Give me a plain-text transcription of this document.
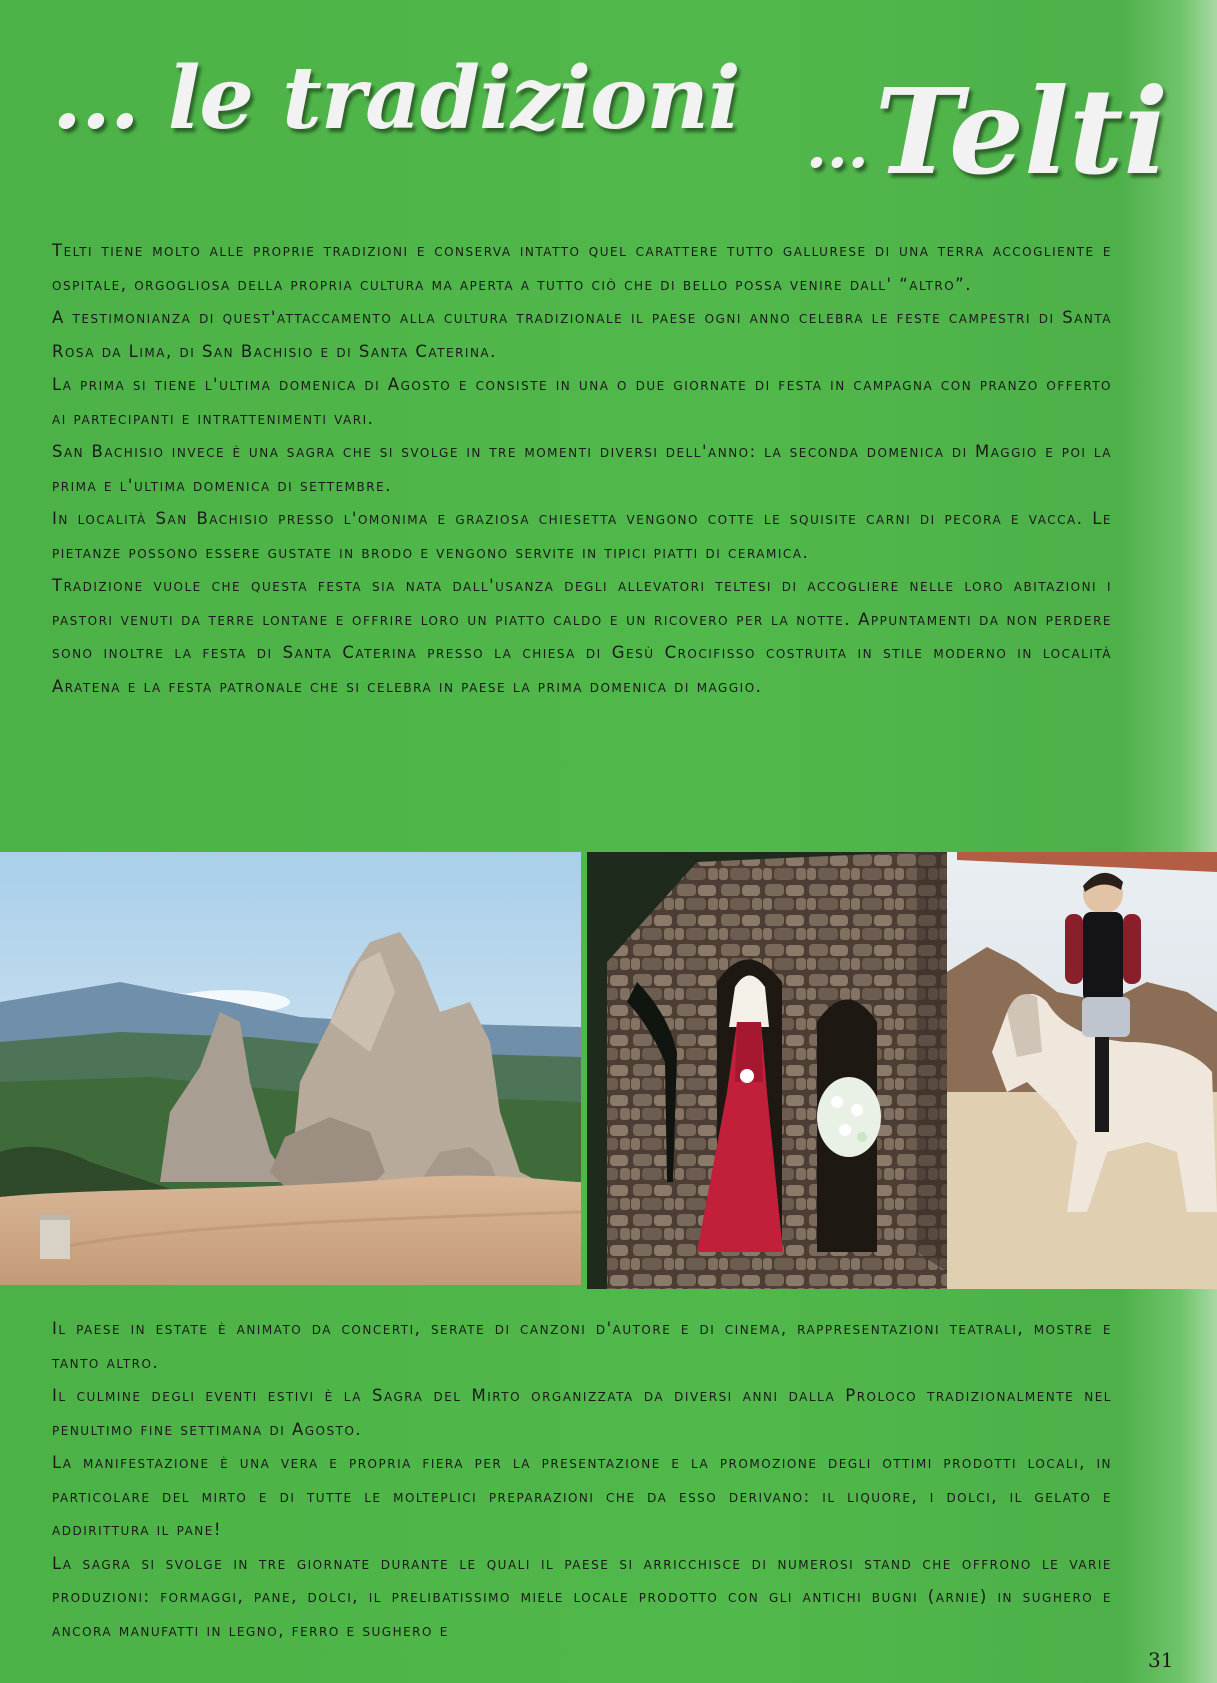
... le tradizioni ...Telti

Telti tiene molto alle proprie tradizioni e conserva intatto quel carattere tutto gallurese di una terra accogliente e ospitale, orgogliosa della propria cultura ma aperta a tutto ciò che di bello possa venire dall' “altro”.

A testimonianza di quest'attaccamento alla cultura tradizionale il paese ogni anno celebra le feste campestri di Santa Rosa da Lima, di San Bachisio e di Santa Caterina.

La prima si tiene l'ultima domenica di Agosto e consiste in una o due giornate di festa in campagna con pranzo offerto ai partecipanti e intrattenimenti vari.

San Bachisio invece è una sagra che si svolge in tre momenti diversi dell'anno: la seconda domenica di Maggio e poi la prima e l'ultima domenica di settembre.

In località San Bachisio presso l'omonima e graziosa chiesetta vengono cotte le squisite carni di pecora e vacca. Le pietanze possono essere gustate in brodo e vengono servite in tipici piatti di ceramica.

Tradizione vuole che questa festa sia nata dall'usanza degli allevatori teltesi di accogliere nelle loro abitazioni i pastori venuti da terre lontane e offrire loro un piatto caldo e un ricovero per la notte. Appuntamenti da non perdere sono inoltre la festa di Santa Caterina presso la chiesa di Gesù Crocifisso costruita in stile moderno in località Aratena e la festa patronale che si celebra in paese la prima domenica di maggio.

Il paese in estate è animato da concerti, serate di canzoni d'autore e di cinema, rappresentazioni teatrali, mostre e tanto altro.

Il culmine degli eventi estivi è la Sagra del Mirto organizzata da diversi anni dalla Proloco tradizionalmente nel penultimo fine settimana di Agosto.

La manifestazione è una vera e propria fiera per la presentazione e la promozione degli ottimi prodotti locali, in particolare del mirto e di tutte le molteplici preparazioni che da esso derivano: il liquore, i dolci, il gelato e addirittura il pane!

La sagra si svolge in tre giornate durante le quali il paese si arricchisce di numerosi stand che offrono le varie produzioni: formaggi, pane, dolci, il prelibatissimo miele locale prodotto con gli antichi bugni (arnie) in sughero e ancora manufatti in legno, ferro e sughero e

31
